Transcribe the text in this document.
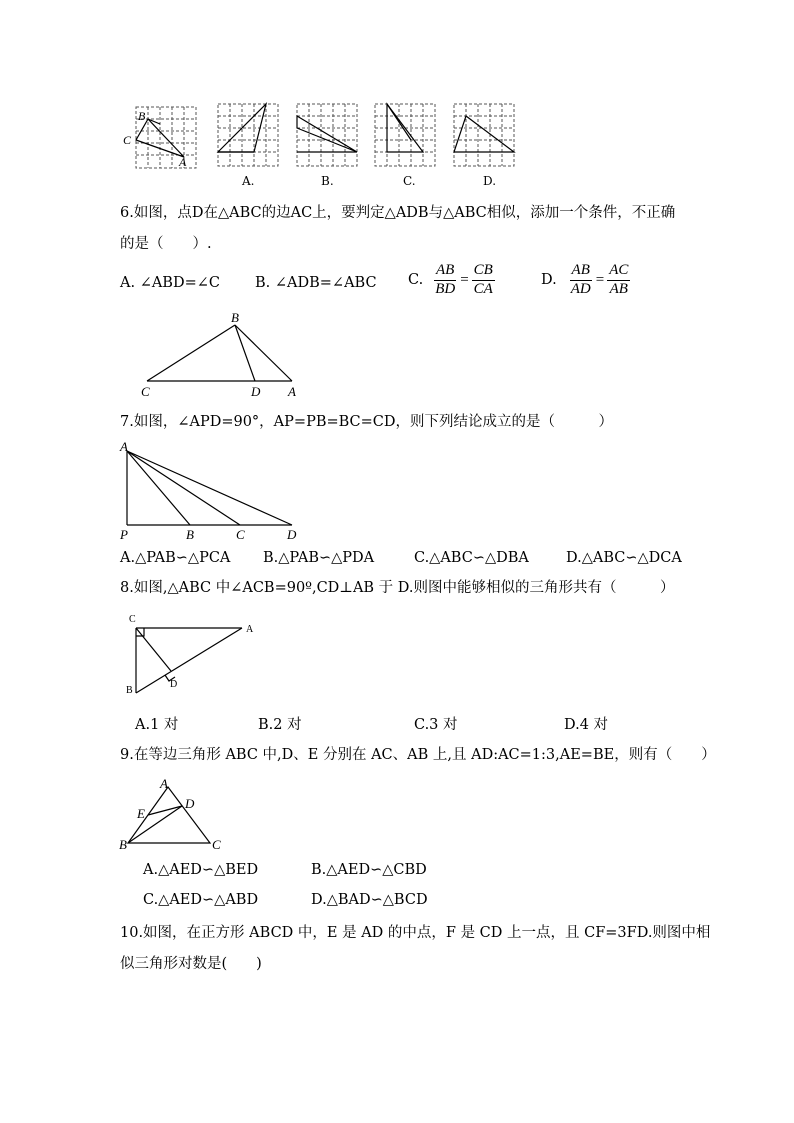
B
C
A
A.	B.	C.	D.
6.如图，点D在△ABC的边AC上，要判定△ADB与△ABC相似，添加一个条件，不正确
的是（　　）.
A. ∠ABD=∠C B. ∠ADB=∠ABC C. $\frac{AB}{BD} = \frac{CB}{CA}$	D. $\frac{AB}{AD} = \frac{AC}{AB}$
B
C	D A
7.如图，∠APD=90°，AP=PB=BC=CD，则下列结论成立的是（　　　）
A
P	B	C	D
A.△PAB∽△PCA B.△PAB∽△PDA	C.△ABC∽△DBA	D.△ABC∽△DCA
8.如图,△ABC 中∠ACB=90º,CD⊥AB 于 D.则图中能够相似的三角形共有（　　　）
C
A
B
D
A.1 对	B.2 对	C.3 对	D.4 对
9.在等边三角形 ABC 中,D、E 分别在 AC、AB 上,且 AD:AC=1:3,AE=BE，则有（　　）
A
D
E
B	C
A.△AED∽△BED	B.△AED∽△CBD
C.△AED∽△ABD	D.△BAD∽△BCD
10.如图，在正方形 ABCD 中，E 是 AD 的中点，F 是 CD 上一点，且 CF=3FD.则图中相
似三角形对数是(　　)
